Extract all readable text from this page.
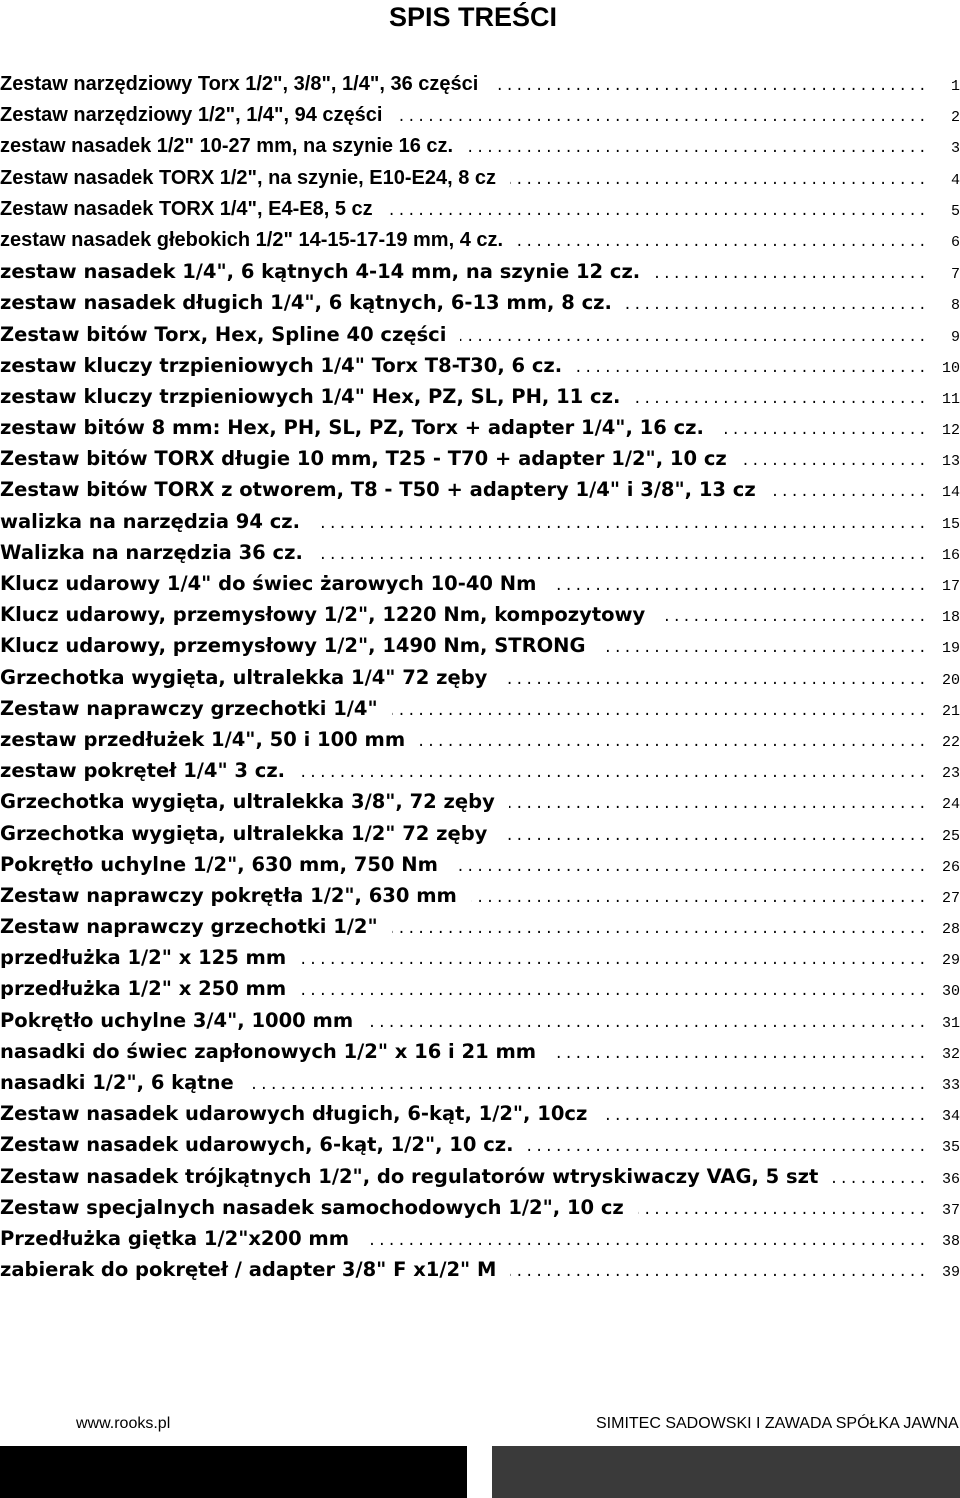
SPIS TREŚCI
Zestaw narzędziowy Torx 1/2", 3/8", 1/4", 36 części .....	1
Zestaw narzędziowy 1/2", 1/4", 94 części .....	2
zestaw nasadek 1/2" 10-27 mm, na szynie 16 cz. .....	3
Zestaw nasadek TORX 1/2", na szynie, E10-E24, 8 cz .....	4
Zestaw nasadek TORX 1/4", E4-E8, 5 cz .....	5
zestaw nasadek głebokich 1/2" 14-15-17-19 mm, 4 cz. .....	6
zestaw nasadek 1/4", 6 kątnych 4-14 mm, na szynie 12 cz. .....	7
zestaw nasadek długich 1/4", 6 kątnych, 6-13 mm, 8 cz. .....	8
Zestaw bitów Torx, Hex, Spline 40 części .....	9
zestaw kluczy trzpieniowych 1/4" Torx T8-T30, 6 cz. .....	10
zestaw kluczy trzpieniowych 1/4" Hex, PZ, SL, PH, 11 cz. .....	11
zestaw bitów 8 mm: Hex, PH, SL, PZ, Torx + adapter 1/4", 16 cz. .....	12
Zestaw bitów TORX długie 10 mm, T25 - T70 + adapter 1/2", 10 cz .....	13
Zestaw bitów TORX z otworem, T8 - T50 + adaptery 1/4" i 3/8", 13 cz .....	14
walizka na narzędzia 94 cz. .....	15
Walizka na narzędzia 36 cz. .....	16
Klucz udarowy 1/4" do świec żarowych 10-40 Nm .....	17
Klucz udarowy, przemysłowy 1/2", 1220 Nm, kompozytowy .....	18
Klucz udarowy, przemysłowy 1/2", 1490 Nm, STRONG .....	19
Grzechotka wygięta, ultralekka 1/4" 72 zęby .....	20
Zestaw naprawczy grzechotki 1/4" .....	21
zestaw przedłużek 1/4", 50 i 100 mm .....	22
zestaw pokręteł 1/4" 3 cz. .....	23
Grzechotka wygięta, ultralekka 3/8", 72 zęby .....	24
Grzechotka wygięta, ultralekka 1/2" 72 zęby .....	25
Pokrętło uchylne 1/2", 630 mm, 750 Nm .....	26
Zestaw naprawczy pokrętła 1/2", 630 mm .....	27
Zestaw naprawczy grzechotki 1/2" .....	28
przedłużka 1/2" x 125 mm .....	29
przedłużka 1/2" x 250 mm .....	30
Pokrętło uchylne 3/4", 1000 mm .....	31
nasadki do świec zapłonowych 1/2" x 16 i 21 mm .....	32
nasadki 1/2", 6 kątne .....	33
Zestaw nasadek udarowych długich, 6-kąt, 1/2", 10cz .....	34
Zestaw nasadek udarowych, 6-kąt, 1/2", 10 cz. .....	35
Zestaw nasadek trójkątnych 1/2", do regulatorów wtryskiwaczy VAG, 5 szt .....	36
Zestaw specjalnych nasadek samochodowych 1/2", 10 cz .....	37
Przedłużka giętka 1/2"x200 mm .....	38
zabierak do pokręteł / adapter 3/8" F x1/2" M .....	39
www.rooks.pl	SIMITEC SADOWSKI I ZAWADA SPÓŁKA JAWNA
